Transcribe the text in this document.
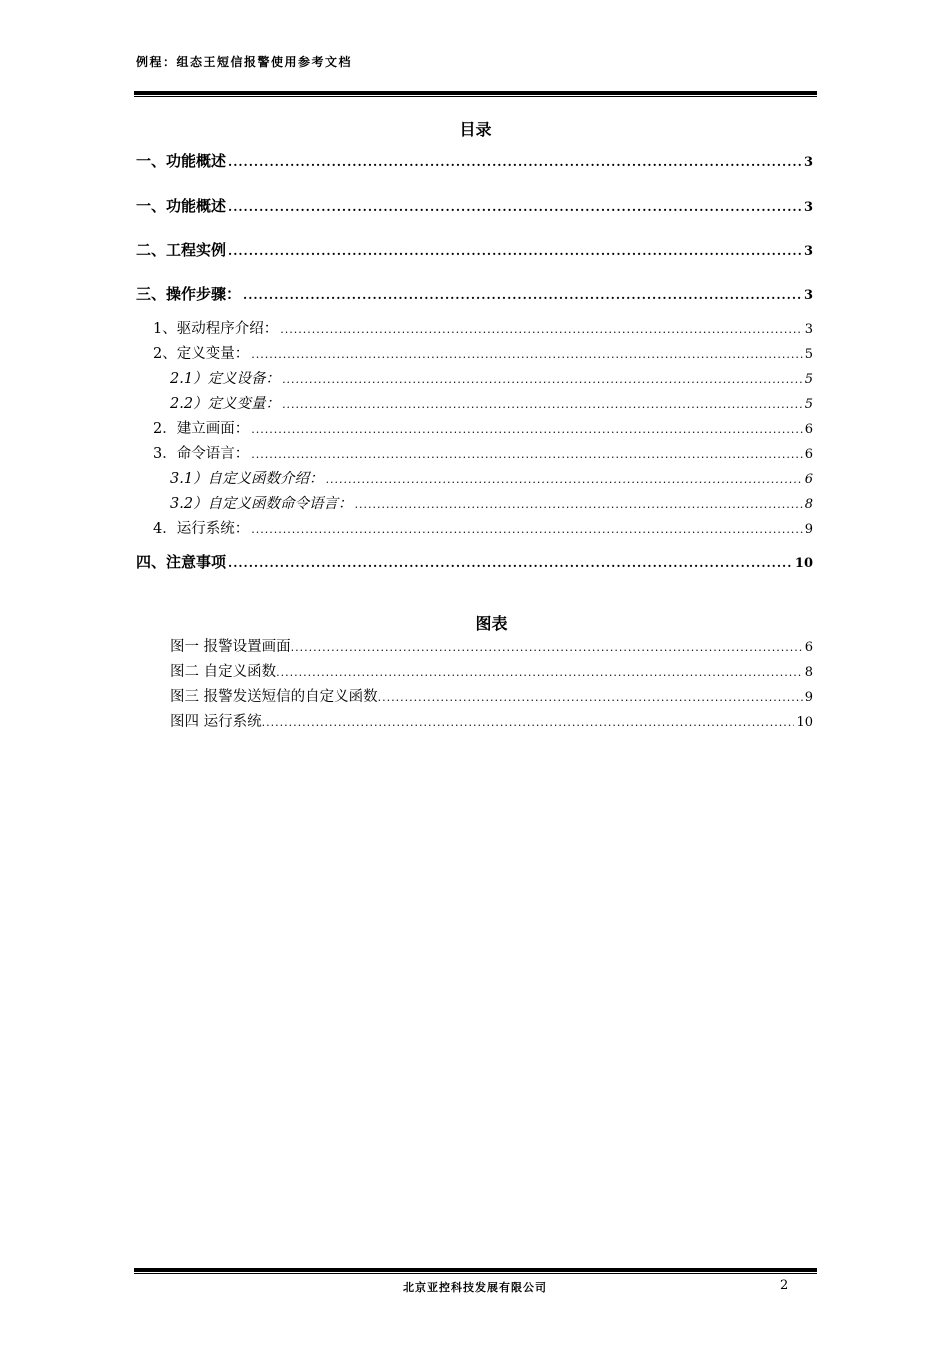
例程：组态王短信报警使用参考文档
目录
一、功能概述 .....	3
一、功能概述 .....	3
二、工程实例 .....	3
三、操作步骤： .....	3
1、驱动程序介绍： .....	3
2、定义变量： .....	5
2.1）定义设备： .....	5
2.2）定义变量： .....	5
2．建立画面： .....	6
3．命令语言： .....	6
3.1）自定义函数介绍： .....	6
3.2）自定义函数命令语言： .....	8
4．运行系统： .....	9
四、注意事项 .....	10
图表
图一 报警设置画面 .....	6
图二 自定义函数 .....	8
图三 报警发送短信的自定义函数 .....	9
图四 运行系统 .....	10
北京亚控科技发展有限公司	2
